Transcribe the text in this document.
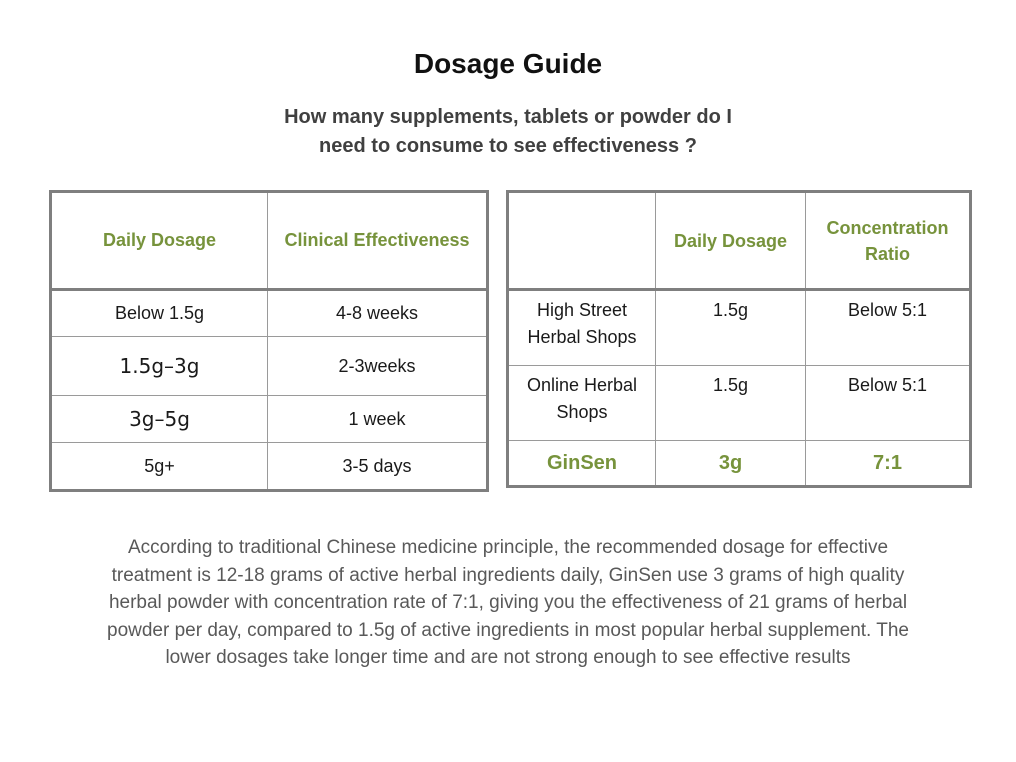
Dosage Guide
How many supplements, tablets or powder do I
need to consume to see effectiveness ?
Daily Dosage	Clinical Effectiveness
Below 1.5g	4-8 weeks
1.5g–3g	2-3weeks
3g–5g	1 week
5g+	3-5 days
	Daily Dosage	Concentration Ratio
High Street Herbal Shops	1.5g	Below 5:1
Online Herbal Shops	1.5g	Below 5:1
GinSen	3g	7:1
According to traditional Chinese medicine principle, the recommended dosage for effective
treatment is 12-18 grams of active herbal ingredients daily, GinSen use 3 grams of high quality
herbal powder with concentration rate of 7:1, giving you the effectiveness of 21 grams of herbal
powder per day, compared to 1.5g of active ingredients in most popular herbal supplement. The
lower dosages take longer time and are not strong enough to see effective results
